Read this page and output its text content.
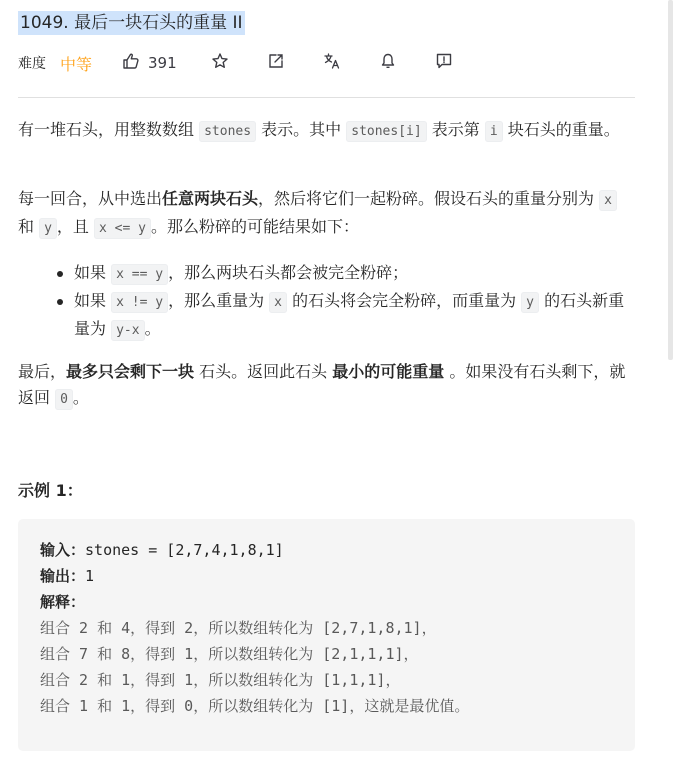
1049. 最后一块石头的重量 II
难度 中等	391
有一堆石头，用整数数组 stones 表示。其中 stones[i] 表示第 i 块石头的重量。
每一回合，从中选出任意两块石头，然后将它们一起粉碎。假设石头的重量分别为 x 和 y ，且 x <= y 。那么粉碎的可能结果如下：
如果 x == y ，那么两块石头都会被完全粉碎；
如果 x != y ，那么重量为 x 的石头将会完全粉碎，而重量为 y 的石头新重量为 y-x 。
最后，最多只会剩下一块 石头。返回此石头 最小的可能重量 。如果没有石头剩下，就返回 0 。
示例 1：
输入：stones = [2,7,4,1,8,1]
输出：1
解释：
组合 2 和 4，得到 2，所以数组转化为 [2,7,1,8,1]，
组合 7 和 8，得到 1，所以数组转化为 [2,1,1,1]，
组合 2 和 1，得到 1，所以数组转化为 [1,1,1]，
组合 1 和 1，得到 0，所以数组转化为 [1]，这就是最优值。
